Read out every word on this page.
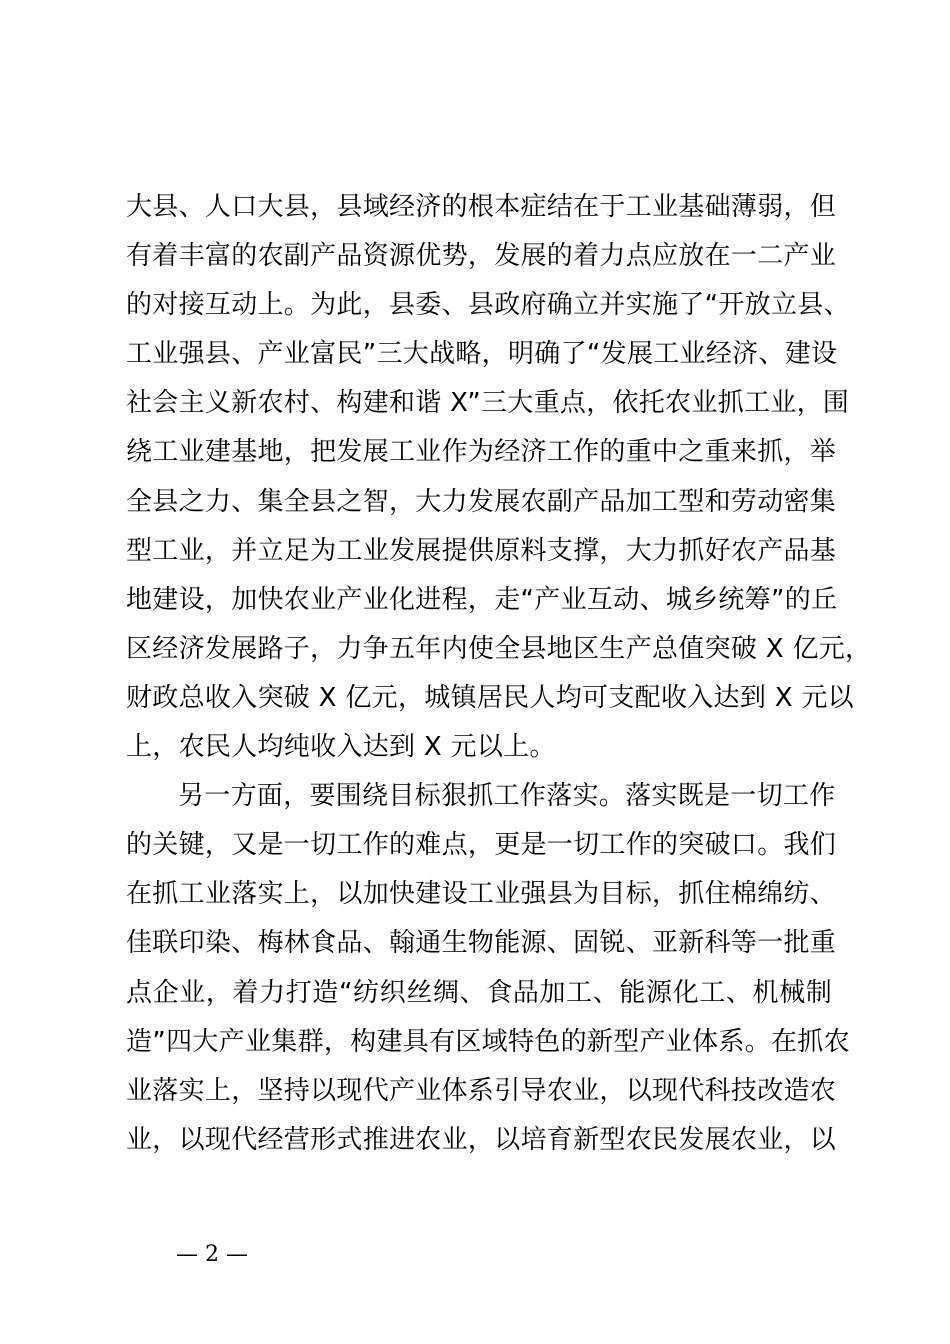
大县、人口大县，县域经济的根本症结在于工业基础薄弱，但
有着丰富的农副产品资源优势，发展的着力点应放在一二产业
的对接互动上。为此，县委、县政府确立并实施了“开放立县、
工业强县、产业富民”三大战略，明确了“发展工业经济、建设
社会主义新农村、构建和谐 X”三大重点，依托农业抓工业，围
绕工业建基地，把发展工业作为经济工作的重中之重来抓，举
全县之力、集全县之智，大力发展农副产品加工型和劳动密集
型工业，并立足为工业发展提供原料支撑，大力抓好农产品基
地建设，加快农业产业化进程，走“产业互动、城乡统筹”的丘
区经济发展路子，力争五年内使全县地区生产总值突破 X 亿元，
财政总收入突破 X 亿元，城镇居民人均可支配收入达到 X 元以
上，农民人均纯收入达到 X 元以上。
另一方面，要围绕目标狠抓工作落实。落实既是一切工作
的关键，又是一切工作的难点，更是一切工作的突破口。我们
在抓工业落实上，以加快建设工业强县为目标，抓住棉绵纺、
佳联印染、梅林食品、翰通生物能源、固锐、亚新科等一批重
点企业，着力打造“纺织丝绸、食品加工、能源化工、机械制
造”四大产业集群，构建具有区域特色的新型产业体系。在抓农
业落实上，坚持以现代产业体系引导农业，以现代科技改造农
业，以现代经营形式推进农业，以培育新型农民发展农业，以
— 2 —
